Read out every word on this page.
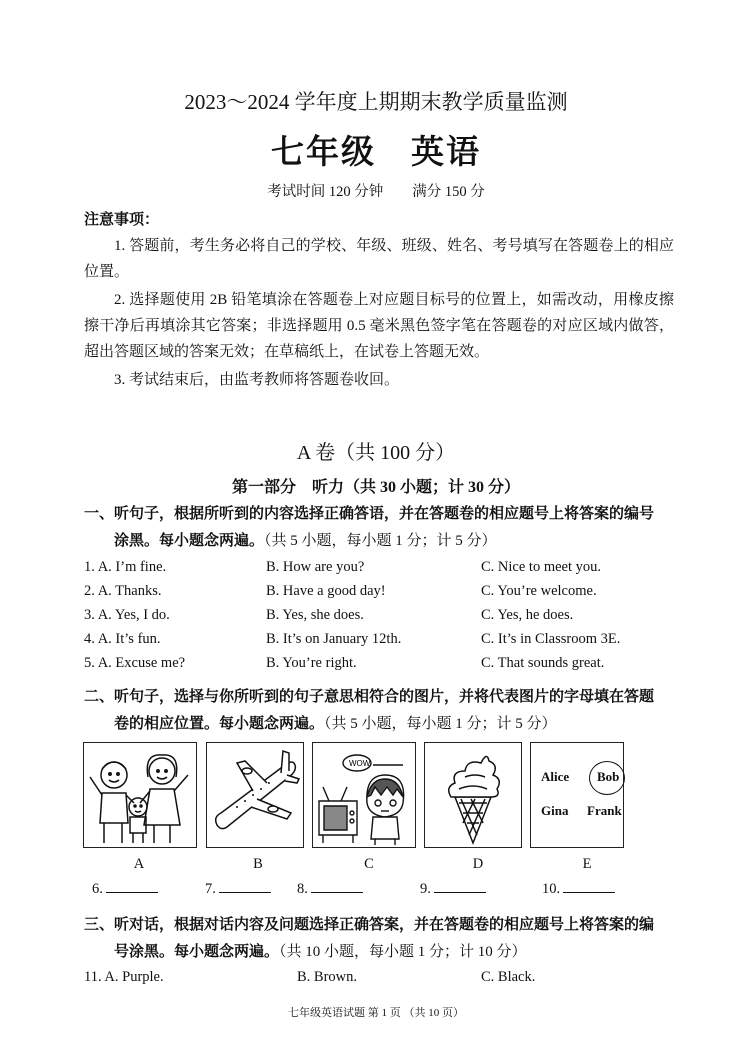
2023～2024 学年度上期期末教学质量监测
七年级　英语
考试时间 120 分钟　　满分 150 分
注意事项：
1. 答题前，考生务必将自己的学校、年级、班级、姓名、考号填写在答题卷上的相应位置。
2. 选择题使用 2B 铅笔填涂在答题卷上对应题目标号的位置上，如需改动，用橡皮擦擦干净后再填涂其它答案；非选择题用 0.5 毫米黑色签字笔在答题卷的对应区域内做答，超出答题区域的答案无效；在草稿纸上，在试卷上答题无效。
3. 考试结束后，由监考教师将答题卷收回。
A 卷（共 100 分）
第一部分　听力（共 30 小题；计 30 分）
一、听句子，根据所听到的内容选择正确答语，并在答题卷的相应题号上将答案的编号
涂黑。每小题念两遍。（共 5 小题，每小题 1 分；计 5 分）
1. A. I’m fine.	B. How are you?	C. Nice to meet you.
2. A. Thanks.	B. Have a good day!	C. You’re welcome.
3. A. Yes, I do.	B. Yes, she does.	C. Yes, he does.
4. A. It’s fun.	B. It’s on January 12th.	C. It’s in Classroom 3E.
5. A. Excuse me?	B. You’re right.	C. That sounds great.
二、听句子，选择与你所听到的句子意思相符合的图片，并将代表图片的字母填在答题
卷的相应位置。每小题念两遍。（共 5 小题，每小题 1 分；计 5 分）
A	B
WOW
C	D
Alice Bob
Gina Frank
E
6.	7.	8.	9.	10.
三、听对话，根据对话内容及问题选择正确答案，并在答题卷的相应题号上将答案的编
号涂黑。每小题念两遍。（共 10 小题，每小题 1 分；计 10 分）
11. A. Purple.	B. Brown.	C. Black.
七年级英语试题 第 1 页 （共 10 页）
